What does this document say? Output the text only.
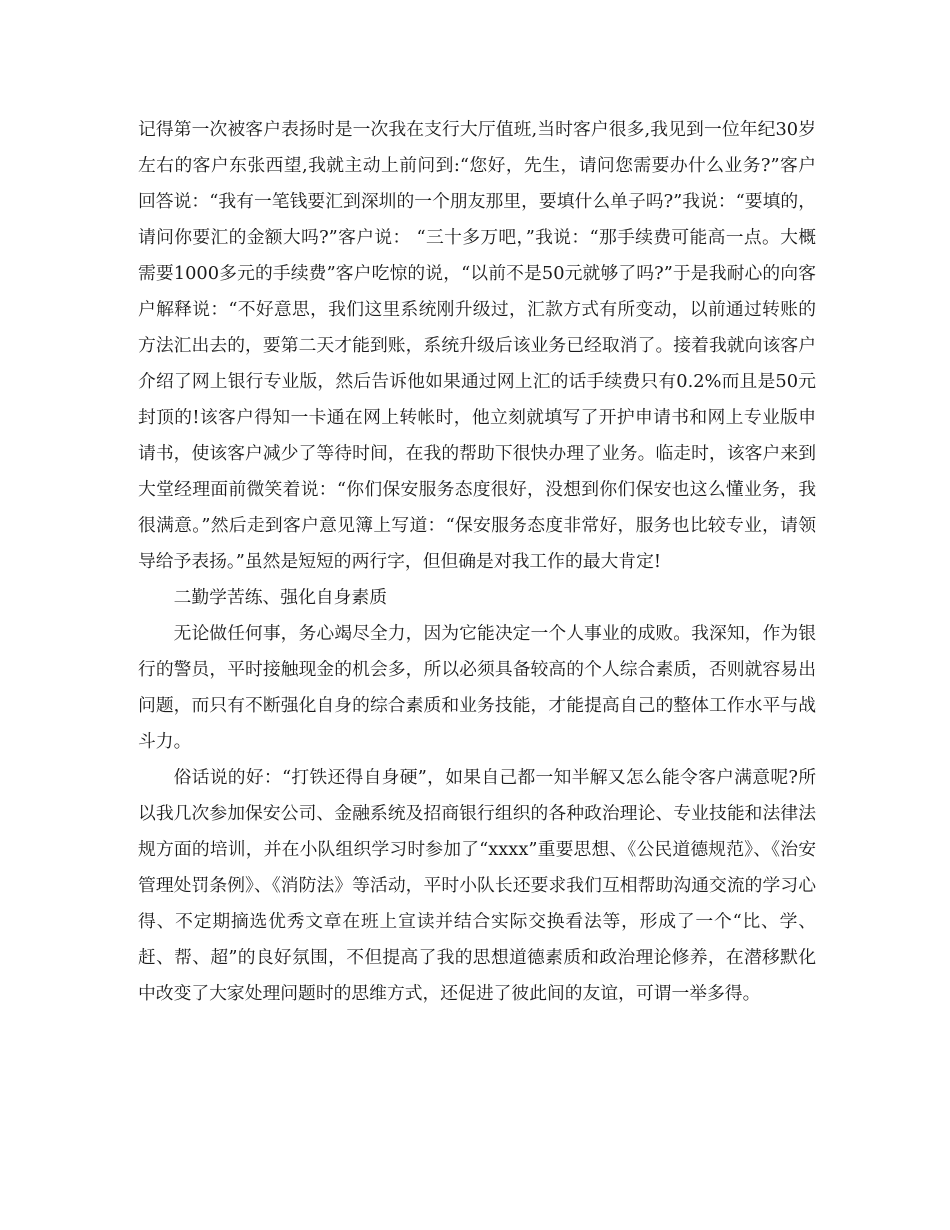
记得第一次被客户表扬时是一次我在支行大厅值班,当时客户很多,我见到一位年纪30岁左右的客户东张西望,我就主动上前问到:“您好，先生，请问您需要办什么业务?”客户回答说：“我有一笔钱要汇到深圳的一个朋友那里，要填什么单子吗?”我说：“要填的，请问你要汇的金额大吗?”客户说： “三十多万吧，”我说：“那手续费可能高一点。大概需要1000多元的手续费”客户吃惊的说，“以前不是50元就够了吗?”于是我耐心的向客户解释说：“不好意思，我们这里系统刚升级过，汇款方式有所变动，以前通过转账的方法汇出去的，要第二天才能到账，系统升级后该业务已经取消了。接着我就向该客户介绍了网上银行专业版，然后告诉他如果通过网上汇的话手续费只有0.2%而且是50元封顶的!该客户得知一卡通在网上转帐时，他立刻就填写了开护申请书和网上专业版申请书，使该客户减少了等待时间，在我的帮助下很快办理了业务。临走时，该客户来到大堂经理面前微笑着说：“你们保安服务态度很好，没想到你们保安也这么懂业务，我很满意。”然后走到客户意见簿上写道：“保安服务态度非常好，服务也比较专业，请领导给予表扬。”虽然是短短的两行字，但但确是对我工作的最大肯定!

二勤学苦练、强化自身素质

无论做任何事，务心竭尽全力，因为它能决定一个人事业的成败。我深知，作为银行的警员，平时接触现金的机会多，所以必须具备较高的个人综合素质，否则就容易出问题，而只有不断强化自身的综合素质和业务技能，才能提高自己的整体工作水平与战斗力。

俗话说的好：“打铁还得自身硬”，如果自己都一知半解又怎么能令客户满意呢?所以我几次参加保安公司、金融系统及招商银行组织的各种政治理论、专业技能和法律法规方面的培训，并在小队组织学习时参加了“xxxx”重要思想、《公民道德规范》、《治安管理处罚条例》、《消防法》等活动，平时小队长还要求我们互相帮助沟通交流的学习心得、不定期摘选优秀文章在班上宣读并结合实际交换看法等，形成了一个“比、学、赶、帮、超”的良好氛围，不但提高了我的思想道德素质和政治理论修养，在潜移默化中改变了大家处理问题时的思维方式，还促进了彼此间的友谊，可谓一举多得。
